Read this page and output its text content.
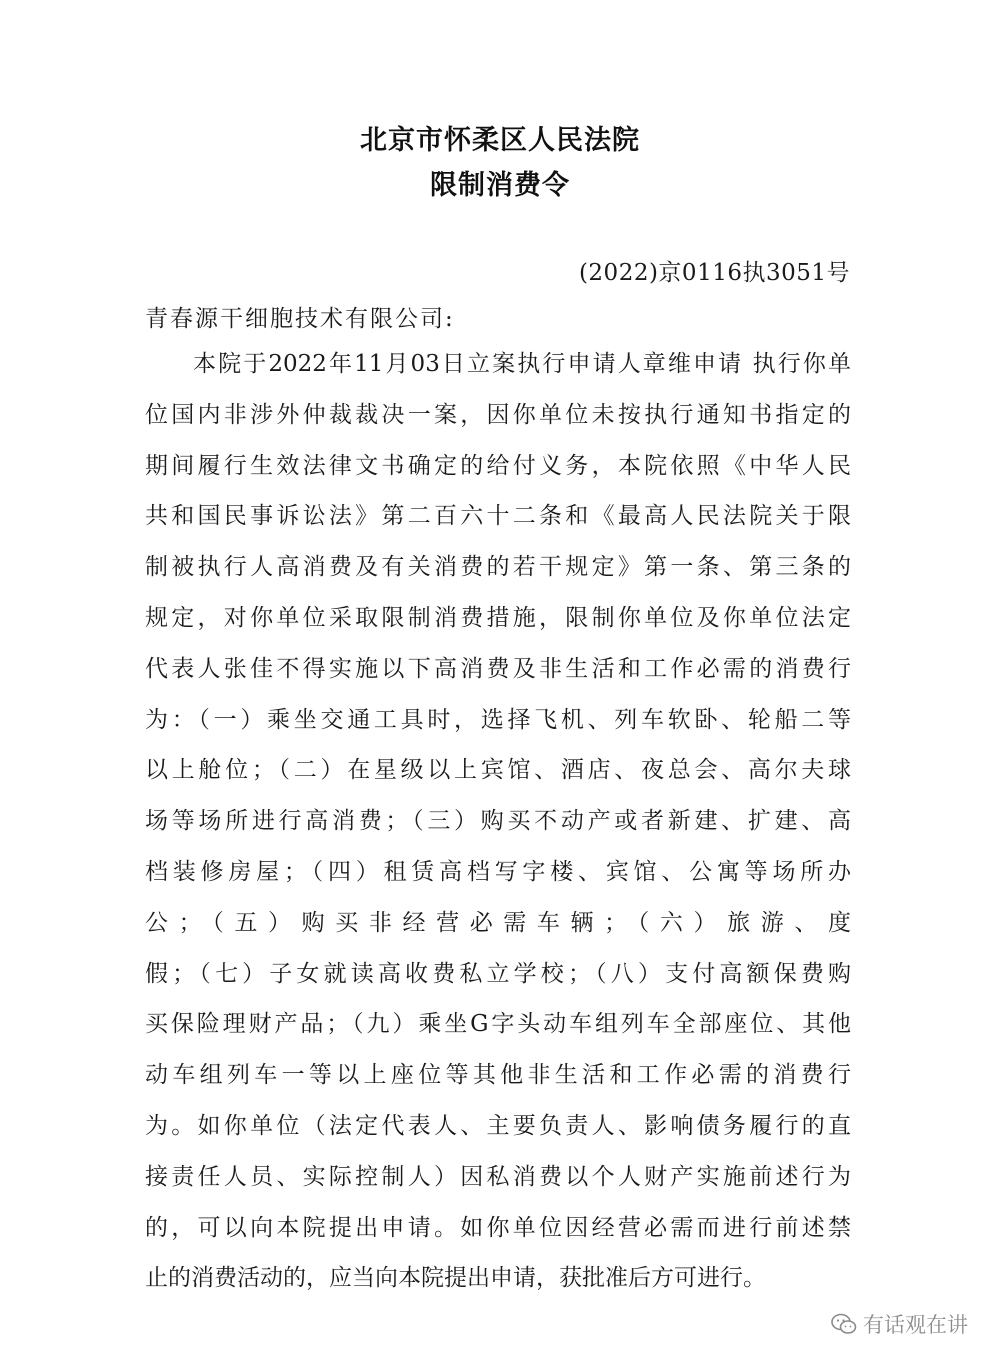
北京市怀柔区人民法院
限制消费令
(2022)京0116执3051号
青春源干细胞技术有限公司:
本院于2022年11月03日立案执行申请人章维申请 执行你单
位国内非涉外仲裁裁决一案，因你单位未按执行通知书指定的
期间履行生效法律文书确定的给付义务，本院依照《中华人民
共和国民事诉讼法》第二百六十二条和《最高人民法院关于限
制被执行人高消费及有关消费的若干规定》第一条、第三条的
规定，对你单位采取限制消费措施，限制你单位及你单位法定
代表人张佳不得实施以下高消费及非生活和工作必需的消费行
为：（一）乘坐交通工具时，选择飞机、列车软卧、轮船二等
以上舱位；（二）在星级以上宾馆、酒店、夜总会、高尔夫球
场等场所进行高消费；（三）购买不动产或者新建、扩建、高
档装修房屋；（四）租赁高档写字楼、宾馆、公寓等场所办
公；（五）购买非经营必需车辆；（六）旅游、度
假；（七）子女就读高收费私立学校；（八）支付高额保费购
买保险理财产品；（九）乘坐G字头动车组列车全部座位、其他
动车组列车一等以上座位等其他非生活和工作必需的消费行
为。如你单位（法定代表人、主要负责人、影响债务履行的直
接责任人员、实际控制人）因私消费以个人财产实施前述行为
的，可以向本院提出申请。如你单位因经营必需而进行前述禁
止的消费活动的，应当向本院提出申请，获批准后方可进行。
有话观在讲
